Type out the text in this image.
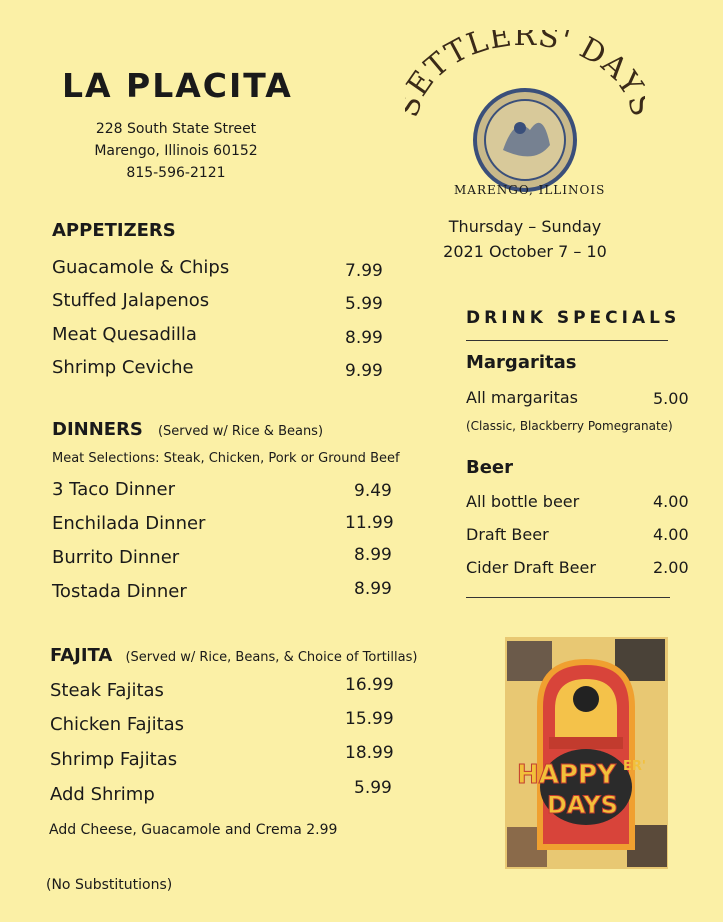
LA PLACITA
228 South State Street
Marengo, Illinois 60152
815-596-2121
TTLERS' DA
MARENGO, ILLINOIS
Thursday – Sunday
2021 October 7 – 10
APPETIZERS
Guacamole & Chips	7.99
Stuffed Jalapenos	5.99
Meat Quesadilla	8.99
Shrimp Ceviche	9.99
DINNERS (Served w/ Rice & Beans)
Meat Selections: Steak, Chicken, Pork or Ground Beef
3 Taco Dinner	9.49
Enchilada Dinner	11.99
Burrito Dinner	8.99
Tostada Dinner	8.99
FAJITA (Served w/ Rice, Beans, & Choice of Tortillas)
Steak Fajitas	16.99
Chicken Fajitas	15.99
Shrimp Fajitas	18.99
Add Shrimp	5.99
Add Cheese, Guacamole and Crema 2.99
(No Substitutions)
DRINK SPECIALS
Margaritas
All margaritas	5.00
(Classic, Blackberry Pomegranate)
Beer
All bottle beer	4.00
Draft Beer	4.00
Cider Draft Beer	2.00
HAPPY ER'
DAYS
